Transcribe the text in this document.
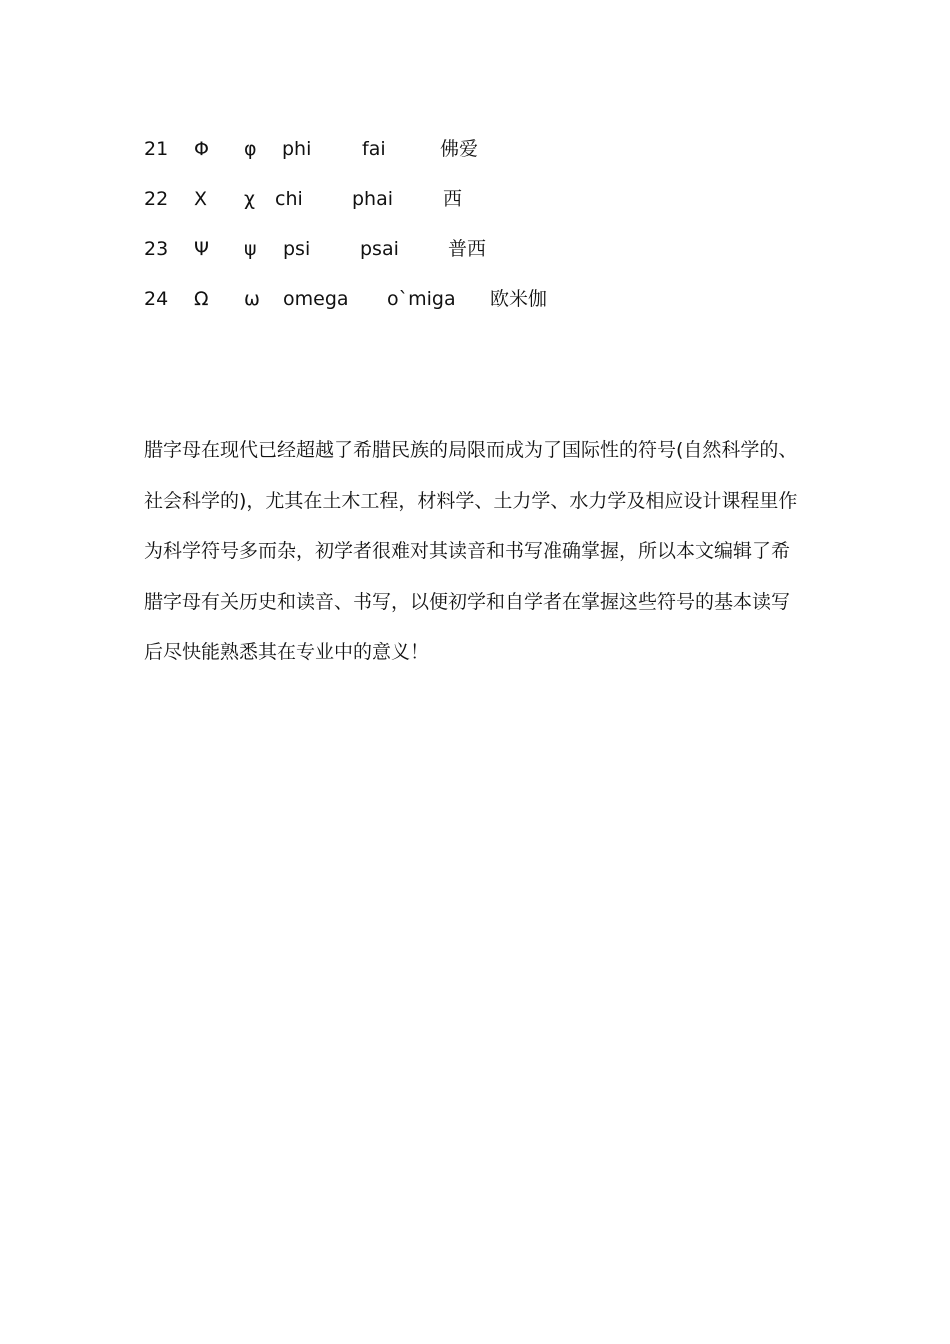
21 Φ φ phi	fai	佛爱
22 Χ χ chi	phai	西
23 Ψ ψ psi	psai	普西
24 Ω ω omega o`miga 欧米伽

腊字母在现代已经超越了希腊民族的局限而成为了国际性的符号(自然科学的、
社会科学的)，尤其在土木工程，材料学、土力学、水力学及相应设计课程里作
为科学符号多而杂，初学者很难对其读音和书写准确掌握，所以本文编辑了希
腊字母有关历史和读音、书写，以便初学和自学者在掌握这些符号的基本读写
后尽快能熟悉其在专业中的意义！
